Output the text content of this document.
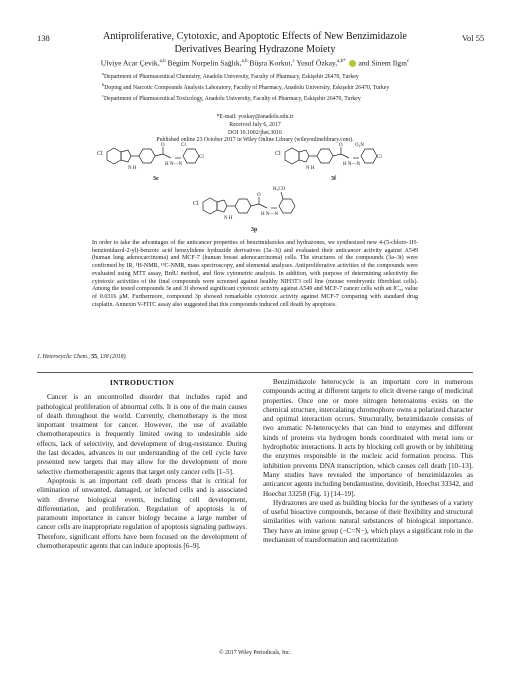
138	Vol 55
Antiproliferative, Cytotoxic, and Apoptotic Effects of New Benzimidazole
Derivatives Bearing Hydrazone Moiety
Ulviye Acar Çevik,$^{a,b}$ Begüm Nurpelin Sağlık,$^{a,b}$ Büşra Korkut,$^c$ Yusuf Özkay,$^{a,b*}$  and Sinem Ilgın$^c$

$^a$Department of Pharmaceutical Chemistry, Anadolu University, Faculty of Pharmacy, Eskişehir 26470, Turkey

$^b$Doping and Narcotic Compounds Analysis Laboratory, Faculty of Pharmacy, Anadolu University, Eskişehir 26470, Turkey

$^c$Department of Pharmaceutical Toxicology, Anadolu University, Faculty of Pharmacy, Eskişehir 26470, Turkey

*E-mail: yozkay@anadolu.edu.tr

Received July 6, 2017

DOI 10.1002/jhet.3016

Published online 23 October 2017 in Wiley Online Library (wileyonlinelibrary.com).

Cl
N H
O
H N—N
Cl
Cl
3e
Cl
N H
O
H N—N
O₂N
Cl
3f
Cl
N H
O
H N—N
H₃CO
3p
In order to take the advantages of the anticancer properties of benzimidazoles and hydrazones, we synthesized new 4-(5-chloro-1H-benzimidazol-2-yl)-benzoic acid benzylidene hydrazide derivatives (3a–3t) and evaluated their anticancer activity against A549 (human lung adenocarcinoma) and MCF-7 (human breast adenocarcinoma) cells. The structures of the compounds (3a–3t) were confirmed by IR, ¹H-NMR, ¹³C-NMR, mass spectroscopy, and elemental analyses. Antiproliferative activities of the compounds were evaluated using MTT assay, BrdU method, and flow cytometric analysis. In addition, with purpose of determining selectivity the cytotoxic activities of the final compounds were screened against healthy NIH3T3 cell line (mouse vembryonic fibroblast cells). Among the tested compounds 3e and 3f showed significant cytotoxic activity against A549 and MCF-7 cancer cells with an IC₅₀ value of 0.0316 μM. Furthermore, compound 3p showed remarkable cytotoxic activity against MCF-7 comparing with standard drug cisplatin. Annexin V-FITC assay also suggested that this compounds induced cell death by apoptosis.
J. Heterocyclic Chem., 55, 138 (2018).

INTRODUCTION

Cancer is an uncontrolled disorder that includes rapid and pathological proliferation of abnormal cells. It is one of the main causes of death throughout the world. Currently, chemotherapy is the most important treatment for cancer. However, the use of available chemotherapeutics is frequently limited owing to undesirable side effects, lack of selectivity, and development of drug-resistance. During the last decades, advances in our understanding of the cell cycle have presented new targets that may allow for the development of more selective chemotherapeutic agents that target only cancer cells [1–5].

Apoptosis is an important cell death process that is critical for elimination of unwanted, damaged, or infected cells and is associated with diverse biological events, including cell development, differentiation, and proliferation. Regulation of apoptosis is of paramount importance in cancer biology because a large number of cancer cells are inappropriate regulation of apoptosis signaling pathways. Therefore, significant efforts have been focused on the development of chemotherapeutic agents that can induce apoptosis [6–9].

Benzimidazole heterocycle is an important core in numerous compounds acting at different targets to elicit diverse range of medicinal properties. Once one or more nitrogen heteroatoms exists on the chemical structure, intercalating chromophore owns a polarized character and optimal interaction occurs. Structurally, benzimidazole consists of two aromatic N-heterocycles that can bind to enzymes and different kinds of proteins via hydrogen bonds coordinated with metal ions or hydrophobic interactions. It acts by blocking cell growth or by inhibiting the enzymes responsible in the nucleic acid formation process. This inhibition prevents DNA transcription, which causes cell death [10–13]. Many studies have revealed the importance of benzimidazoles as anticancer agents including bendamustine, dovitinib, Hoechst 33342, and Hoechst 33258 (Fig. 1) [14–19].

Hydrazones are used as building blocks for the syntheses of a variety of useful bioactive compounds, because of their flexibility and structural similarities with various natural substances of biological importance. They have an imine group (−C=N−), which plays a significant role in the mechanism of transformation and racemization

© 2017 Wiley Periodicals, Inc.
